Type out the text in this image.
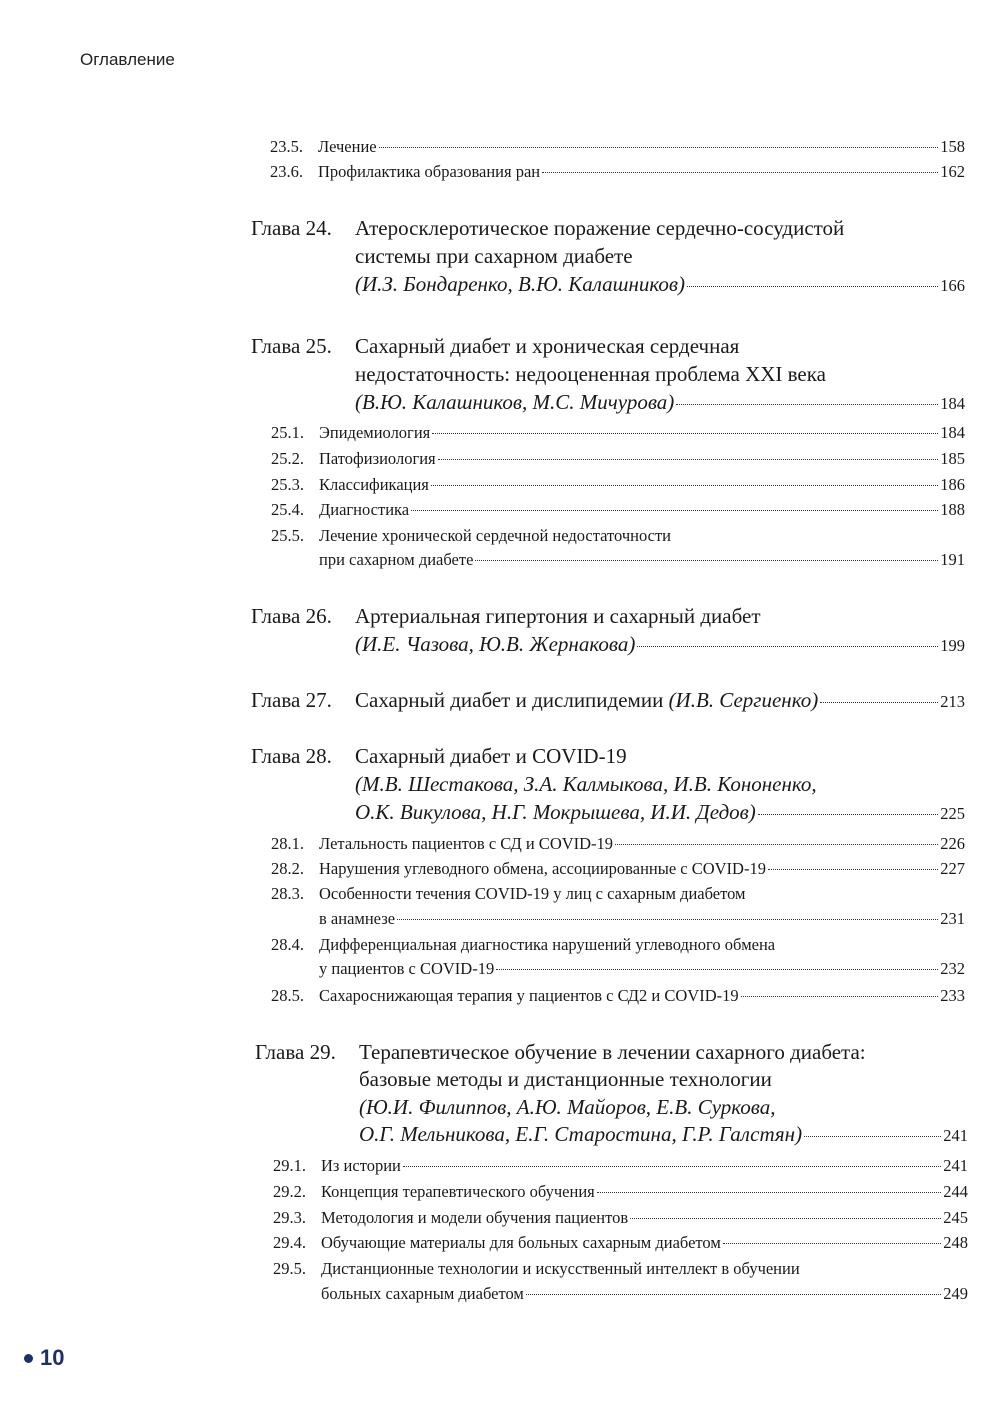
Оглавление
23.5. Лечение	158
23.6. Профилактика образования ран	162
Глава 24.	Атеросклеротическое поражение сердечно-сосудистой
системы при сахарном диабете
(И.З. Бондаренко, В.Ю. Калашников)	166
Глава 25.	Сахарный диабет и хроническая сердечная
недостаточность: недооцененная проблема XXI века
(В.Ю. Калашников, М.С. Мичурова)	184
25.1. Эпидемиология	184
25.2. Патофизиология	185
25.3. Классификация	186
25.4. Диагностика	188
25.5. Лечение хронической сердечной недостаточности
при сахарном диабете	191
Глава 26.	Артериальная гипертония и сахарный диабет
(И.Е. Чазова, Ю.В. Жернакова)	199
Глава 27.	Сахарный диабет и дислипидемии
(И.В. Сергиенко)	213
Глава 28.	Сахарный диабет и COVID-19
(М.В. Шестакова, З.А. Калмыкова, И.В. Кононенко,
О.К. Викулова, Н.Г. Мокрышева, И.И. Дедов)	225
28.1. Летальность пациентов с СД и COVID-19	226
28.2. Нарушения углеводного обмена, ассоциированные с COVID-19	227
28.3. Особенности течения COVID-19 у лиц с сахарным диабетом
в анамнезе	231
28.4. Дифференциальная диагностика нарушений углеводного обмена
у пациентов с COVID-19	232
28.5. Сахароснижающая терапия у пациентов с СД2 и COVID-19	233
Глава 29.	Терапевтическое обучение в лечении сахарного диабета:
базовые методы и дистанционные технологии
(Ю.И. Филиппов, А.Ю. Майоров, Е.В. Суркова,
О.Г. Мельникова, Е.Г. Старостина, Г.Р. Галстян)	241
29.1. Из истории	241
29.2. Концепция терапевтического обучения	244
29.3. Методология и модели обучения пациентов	245
29.4. Обучающие материалы для больных сахарным диабетом	248
29.5. Дистанционные технологии и искусственный интеллект в обучении
больных сахарным диабетом	249
10
